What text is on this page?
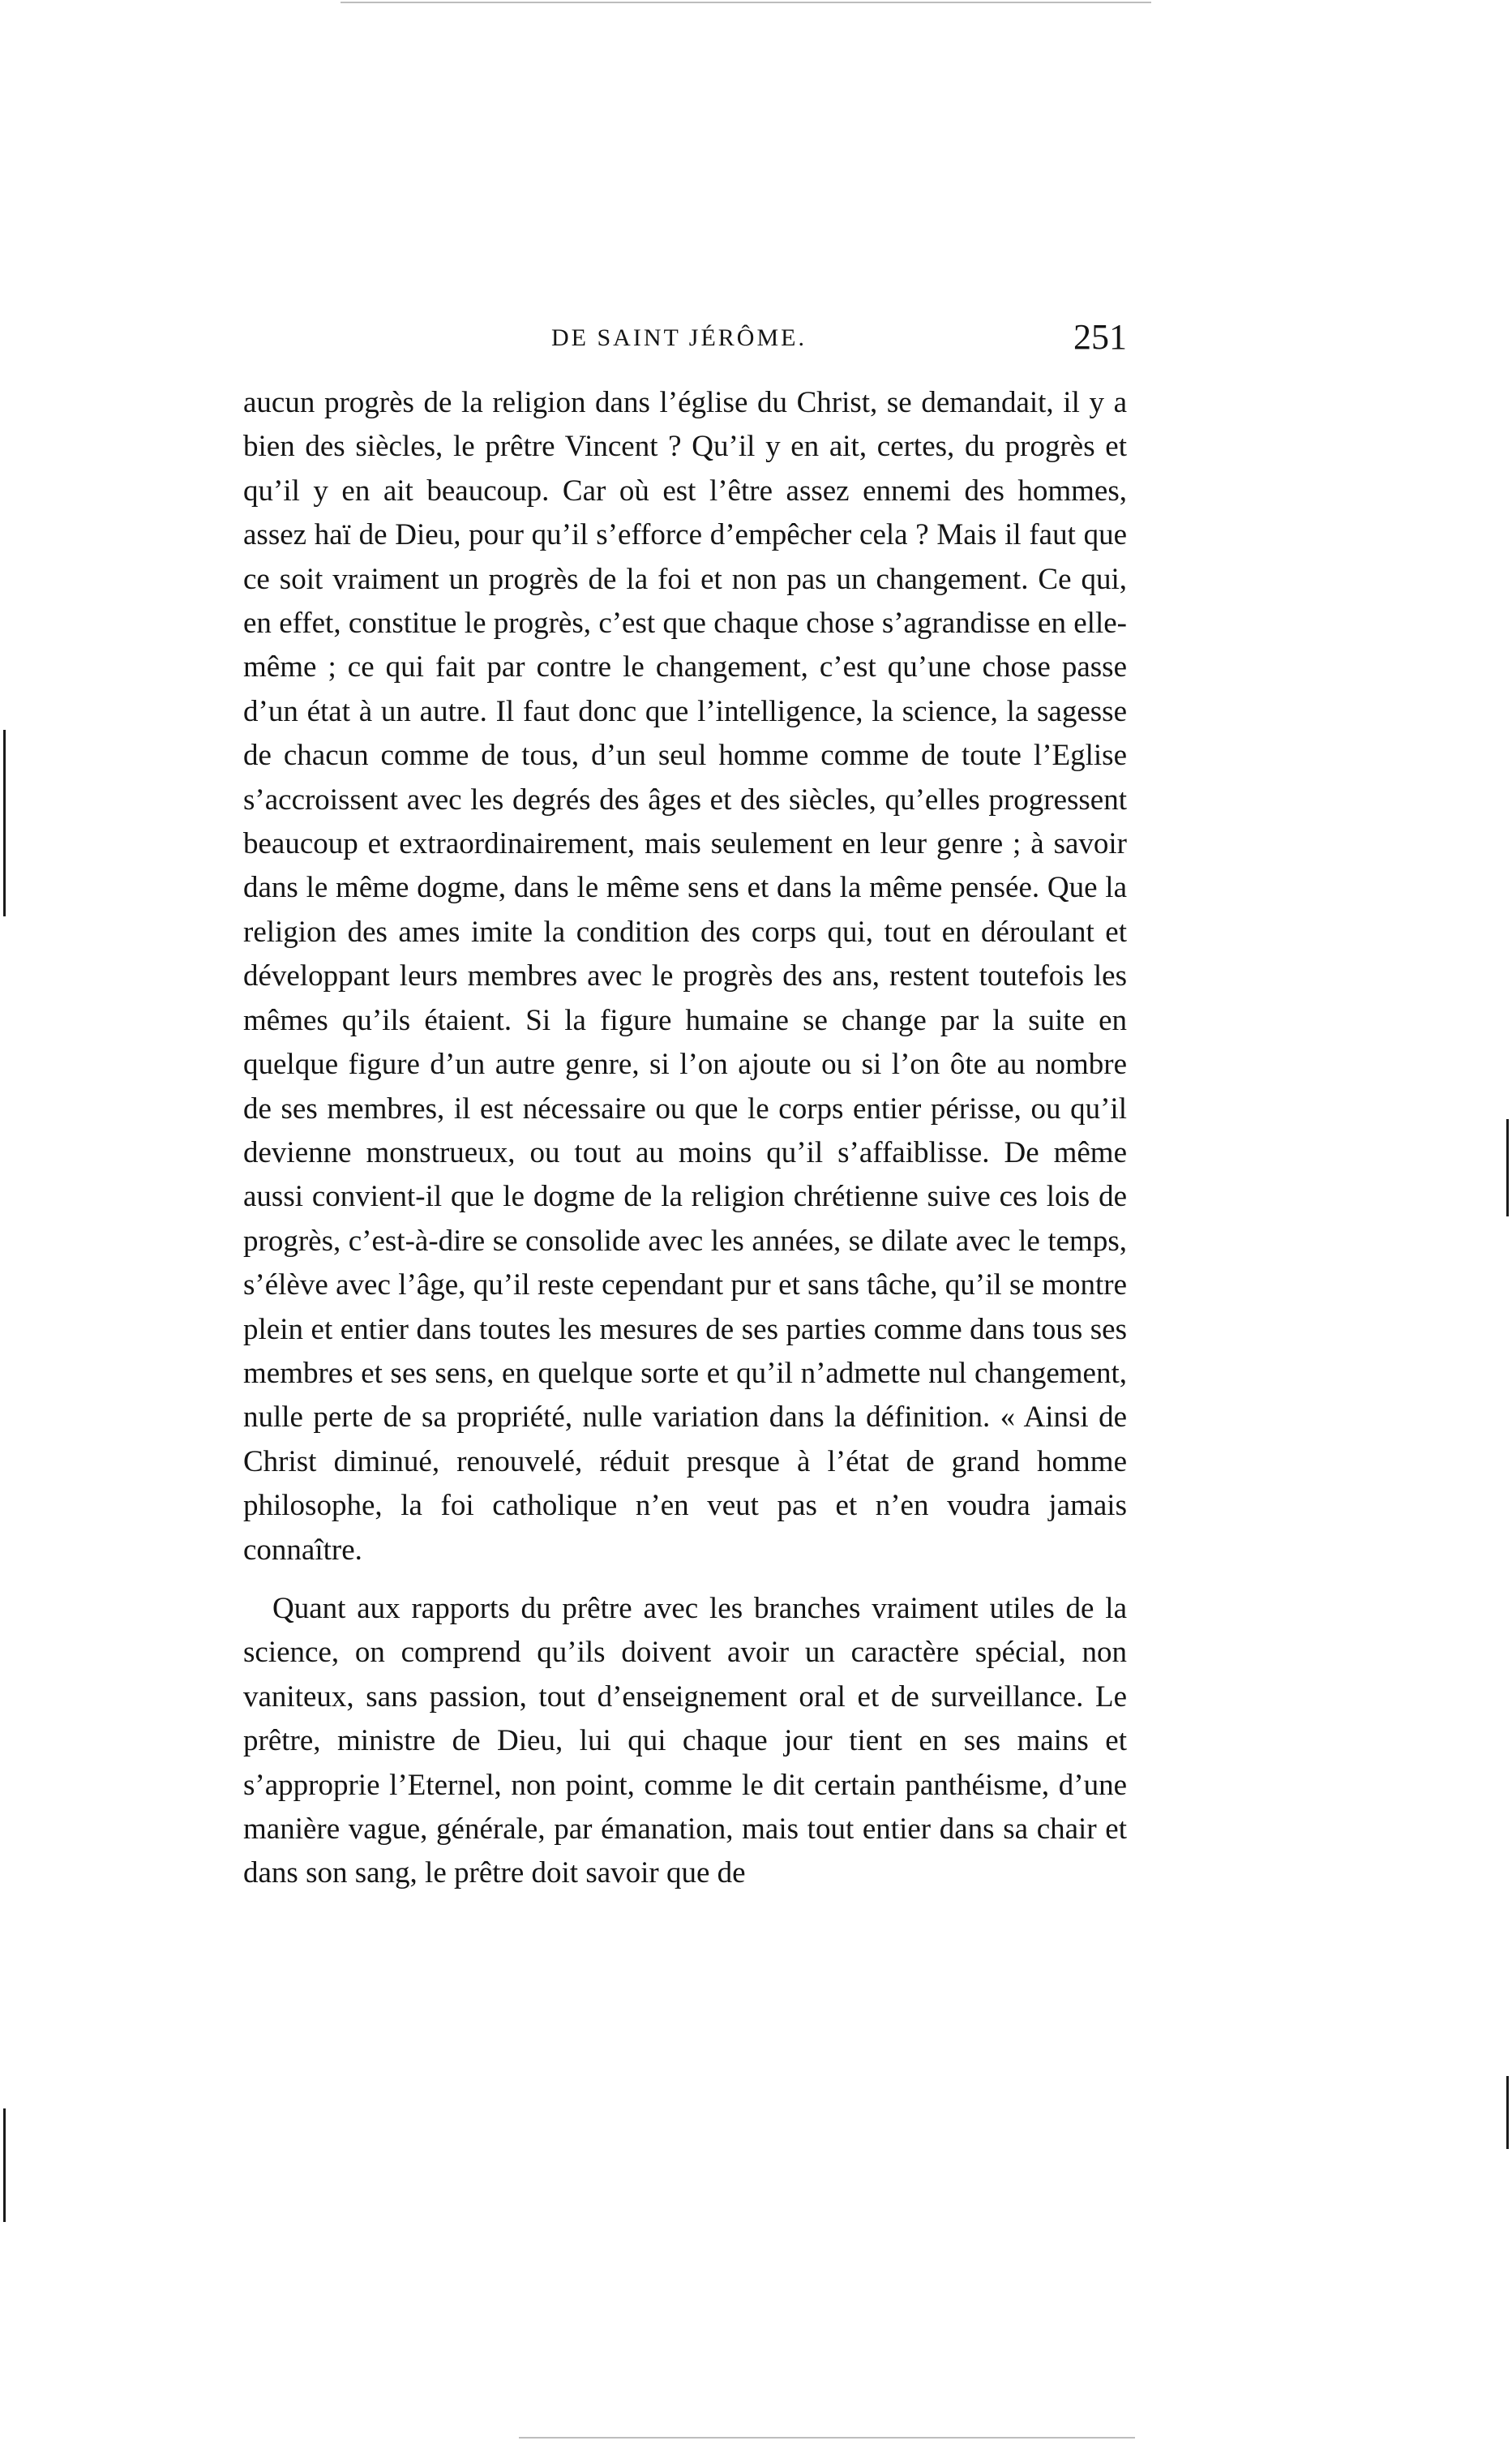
DE SAINT JÉRÔME.	251

aucun progrès de la religion dans l’église du Christ, se demandait, il y a bien des siècles, le prêtre Vincent ? Qu’il y en ait, certes, du progrès et qu’il y en ait beaucoup. Car où est l’être assez ennemi des hommes, assez haï de Dieu, pour qu’il s’efforce d’empêcher cela ? Mais il faut que ce soit vraiment un progrès de la foi et non pas un changement. Ce qui, en effet, constitue le progrès, c’est que chaque chose s’agrandisse en elle-même ; ce qui fait par contre le changement, c’est qu’une chose passe d’un état à un autre. Il faut donc que l’intelligence, la science, la sagesse de chacun comme de tous, d’un seul homme comme de toute l’Eglise s’accroissent avec les degrés des âges et des siècles, qu’elles progressent beaucoup et extraordinairement, mais seulement en leur genre ; à savoir dans le même dogme, dans le même sens et dans la même pensée. Que la religion des ames imite la condition des corps qui, tout en déroulant et développant leurs membres avec le progrès des ans, restent toutefois les mêmes qu’ils étaient. Si la figure humaine se change par la suite en quelque figure d’un autre genre, si l’on ajoute ou si l’on ôte au nombre de ses membres, il est nécessaire ou que le corps entier périsse, ou qu’il devienne monstrueux, ou tout au moins qu’il s’affaiblisse. De même aussi convient-il que le dogme de la religion chrétienne suive ces lois de progrès, c’est-à-dire se consolide avec les années, se dilate avec le temps, s’élève avec l’âge, qu’il reste cependant pur et sans tâche, qu’il se montre plein et entier dans toutes les mesures de ses parties comme dans tous ses membres et ses sens, en quelque sorte et qu’il n’admette nul changement, nulle perte de sa propriété, nulle variation dans la définition. « Ainsi de Christ diminué, renouvelé, réduit presque à l’état de grand homme philosophe, la foi catholique n’en veut pas et n’en voudra jamais connaître.

Quant aux rapports du prêtre avec les branches vraiment utiles de la science, on comprend qu’ils doivent avoir un caractère spécial, non vaniteux, sans passion, tout d’enseignement oral et de surveillance. Le prêtre, ministre de Dieu, lui qui chaque jour tient en ses mains et s’approprie l’Eternel, non point, comme le dit certain panthéisme, d’une manière vague, générale, par émanation, mais tout entier dans sa chair et dans son sang, le prêtre doit savoir que de
